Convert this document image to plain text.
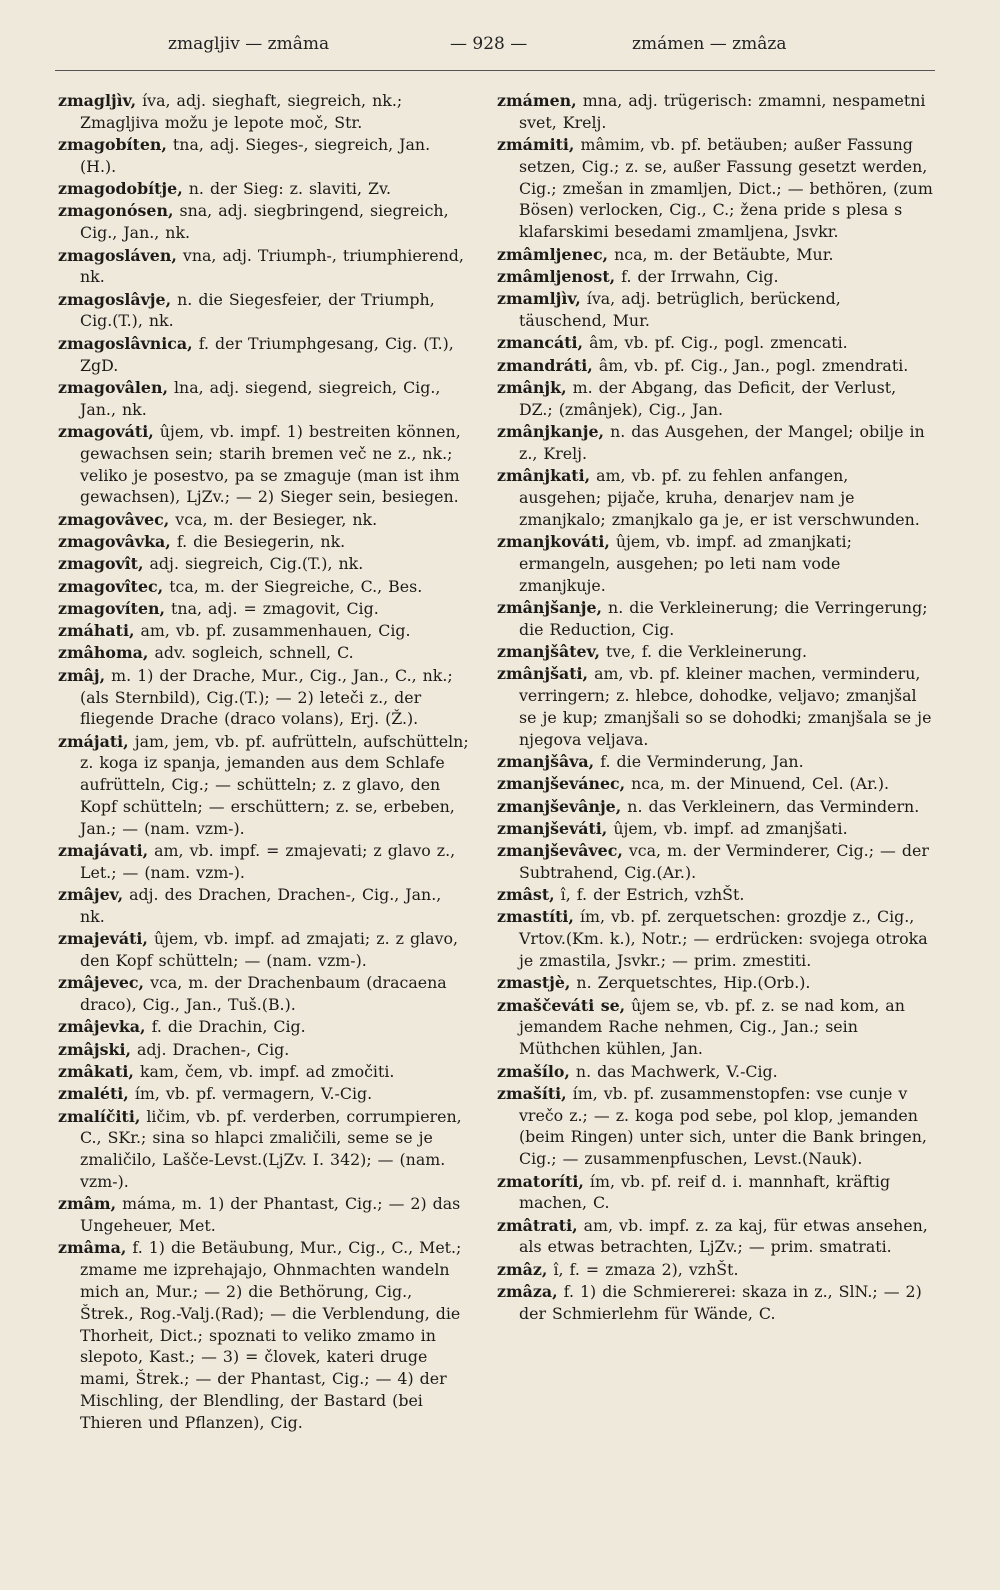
zmagljiv — zmâma	— 928 —	zmámen — zmâza

zmagljìv, íva, adj. sieghaft, siegreich, nk.; Zmagljiva možu je lepote moč, Str.

zmagobíten, tna, adj. Sieges-, siegreich, Jan. (H.).

zmagodobítje, n. der Sieg: z. slaviti, Zv.

zmagonósen, sna, adj. siegbringend, siegreich, Cig., Jan., nk.

zmagosláven, vna, adj. Triumph-, triumphierend, nk.

zmagoslâvje, n. die Siegesfeier, der Triumph, Cig.(T.), nk.

zmagoslâvnica, f. der Triumphgesang, Cig. (T.), ZgD.

zmagovâlen, lna, adj. siegend, siegreich, Cig., Jan., nk.

zmagováti, ûjem, vb. impf. 1) bestreiten können, gewachsen sein; starih bremen več ne z., nk.; veliko je posestvo, pa se zmaguje (man ist ihm gewachsen), LjZv.; — 2) Sieger sein, besiegen.

zmagovâvec, vca, m. der Besieger, nk.

zmagovâvka, f. die Besiegerin, nk.

zmagovît, adj. siegreich, Cig.(T.), nk.

zmagovîtec, tca, m. der Siegreiche, C., Bes.

zmagovíten, tna, adj. = zmagovit, Cig.

zmáhati, am, vb. pf. zusammenhauen, Cig.

zmâhoma, adv. sogleich, schnell, C.

zmâj, m. 1) der Drache, Mur., Cig., Jan., C., nk.; (als Sternbild), Cig.(T.); — 2) leteči z., der fliegende Drache (draco volans), Erj. (Ž.).

zmájati, jam, jem, vb. pf. aufrütteln, aufschütteln; z. koga iz spanja, jemanden aus dem Schlafe aufrütteln, Cig.; — schütteln; z. z glavo, den Kopf schütteln; — erschüttern; z. se, erbeben, Jan.; — (nam. vzm-).

zmajávati, am, vb. impf. = zmajevati; z glavo z., Let.; — (nam. vzm-).

zmâjev, adj. des Drachen, Drachen-, Cig., Jan., nk.

zmajeváti, ûjem, vb. impf. ad zmajati; z. z glavo, den Kopf schütteln; — (nam. vzm-).

zmâjevec, vca, m. der Drachenbaum (dracaena draco), Cig., Jan., Tuš.(B.).

zmâjevka, f. die Drachin, Cig.

zmâjski, adj. Drachen-, Cig.

zmâkati, kam, čem, vb. impf. ad zmočiti.

zmaléti, ím, vb. pf. vermagern, V.-Cig.

zmalíčiti, ličim, vb. pf. verderben, corrumpieren, C., SKr.; sina so hlapci zmaličili, seme se je zmaličilo, Lašče-Levst.(LjZv. I. 342); — (nam. vzm-).

zmâm, máma, m. 1) der Phantast, Cig.; — 2) das Ungeheuer, Met.

zmâma, f. 1) die Betäubung, Mur., Cig., C., Met.; zmame me izprehajajo, Ohnmachten wandeln mich an, Mur.; — 2) die Bethörung, Cig., Štrek., Rog.-Valj.(Rad); — die Verblendung, die Thorheit, Dict.; spoznati to veliko zmamo in slepoto, Kast.; — 3) = človek, kateri druge mami, Štrek.; — der Phantast, Cig.; — 4) der Mischling, der Blendling, der Bastard (bei Thieren und Pflanzen), Cig.

zmámen, mna, adj. trügerisch: zmamni, nespametni svet, Krelj.

zmámiti, mâmim, vb. pf. betäuben; außer Fassung setzen, Cig.; z. se, außer Fassung gesetzt werden, Cig.; zmešan in zmamljen, Dict.; — bethören, (zum Bösen) verlocken, Cig., C.; žena pride s plesa s klafarskimi besedami zmamljena, Jsvkr.

zmâmljenec, nca, m. der Betäubte, Mur.

zmâmljenost, f. der Irrwahn, Cig.

zmamljìv, íva, adj. betrüglich, berückend, täuschend, Mur.

zmancáti, âm, vb. pf. Cig., pogl. zmencati.

zmandráti, âm, vb. pf. Cig., Jan., pogl. zmendrati.

zmânjk, m. der Abgang, das Deficit, der Verlust, DZ.; (zmânjek), Cig., Jan.

zmânjkanje, n. das Ausgehen, der Mangel; obilje in z., Krelj.

zmânjkati, am, vb. pf. zu fehlen anfangen, ausgehen; pijače, kruha, denarjev nam je zmanjkalo; zmanjkalo ga je, er ist verschwunden.

zmanjkováti, ûjem, vb. impf. ad zmanjkati; ermangeln, ausgehen; po leti nam vode zmanjkuje.

zmânjšanje, n. die Verkleinerung; die Verringerung; die Reduction, Cig.

zmanjšâtev, tve, f. die Verkleinerung.

zmânjšati, am, vb. pf. kleiner machen, verminderu, verringern; z. hlebce, dohodke, veljavo; zmanjšal se je kup; zmanjšali so se dohodki; zmanjšala se je njegova veljava.

zmanjšâva, f. die Verminderung, Jan.

zmanjševánec, nca, m. der Minuend, Cel. (Ar.).

zmanjševânje, n. das Verkleinern, das Vermindern.

zmanjševáti, ûjem, vb. impf. ad zmanjšati.

zmanjševâvec, vca, m. der Verminderer, Cig.; — der Subtrahend, Cig.(Ar.).

zmâst, î, f. der Estrich, vzhŠt.

zmastíti, ím, vb. pf. zerquetschen: grozdje z., Cig., Vrtov.(Km. k.), Notr.; — erdrücken: svojega otroka je zmastila, Jsvkr.; — prim. zmestiti.

zmastjè, n. Zerquetschtes, Hip.(Orb.).

zmaščeváti se, ûjem se, vb. pf. z. se nad kom, an jemandem Rache nehmen, Cig., Jan.; sein Müthchen kühlen, Jan.

zmašílo, n. das Machwerk, V.-Cig.

zmašíti, ím, vb. pf. zusammenstopfen: vse cunje v vrečo z.; — z. koga pod sebe, pol klop, jemanden (beim Ringen) unter sich, unter die Bank bringen, Cig.; — zusammenpfuschen, Levst.(Nauk).

zmatoríti, ím, vb. pf. reif d. i. mannhaft, kräftig machen, C.

zmâtrati, am, vb. impf. z. za kaj, für etwas ansehen, als etwas betrachten, LjZv.; — prim. smatrati.

zmâz, î, f. = zmaza 2), vzhŠt.

zmâza, f. 1) die Schmiererei: skaza in z., SlN.; — 2) der Schmierlehm für Wände, C.
